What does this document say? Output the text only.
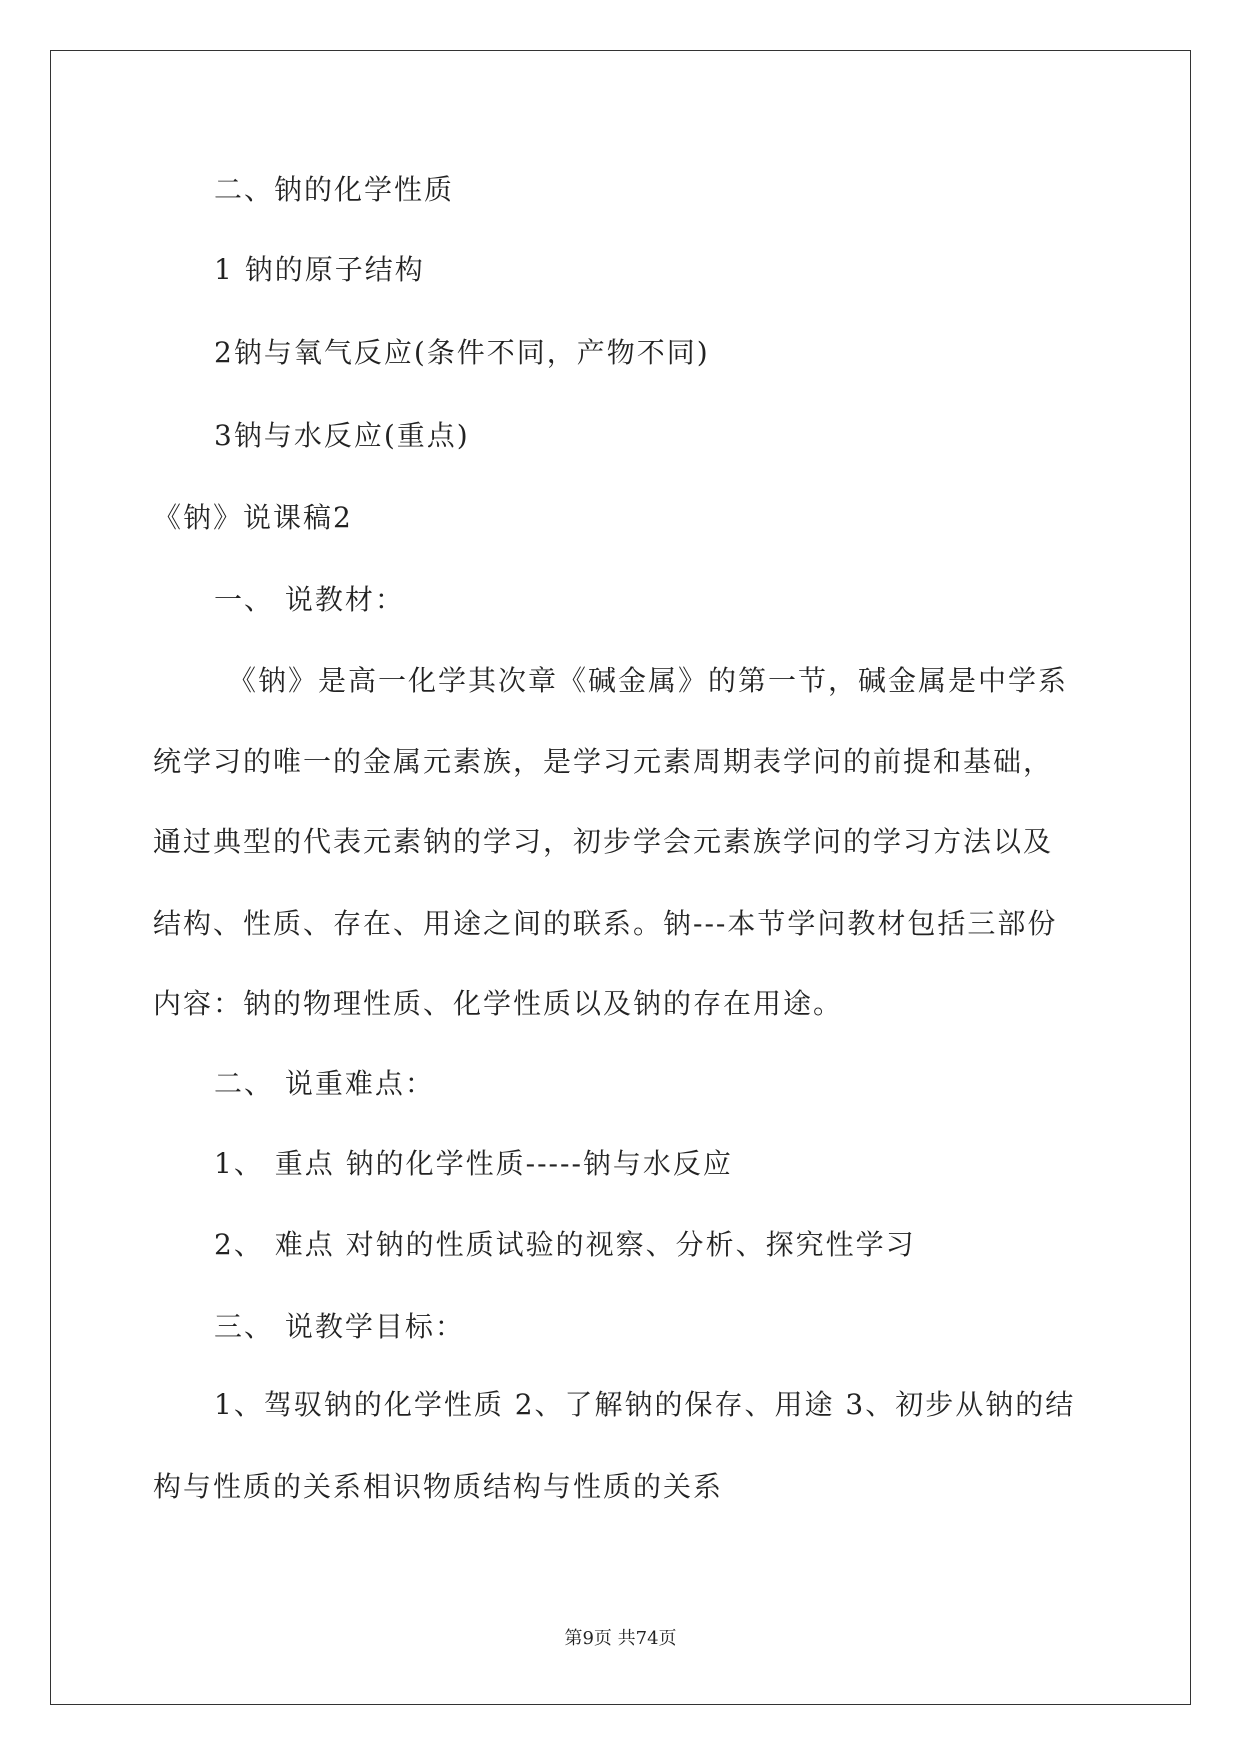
二、钠的化学性质
1 钠的原子结构
2钠与氧气反应(条件不同，产物不同)
3钠与水反应(重点)
《钠》说课稿2
一、 说教材：
《钠》是高一化学其次章《碱金属》的第一节，碱金属是中学系
统学习的唯一的金属元素族，是学习元素周期表学问的前提和基础，
通过典型的代表元素钠的学习，初步学会元素族学问的学习方法以及
结构、性质、存在、用途之间的联系。钠---本节学问教材包括三部份
内容：钠的物理性质、化学性质以及钠的存在用途。
二、 说重难点：
1、 重点 钠的化学性质-----钠与水反应
2、 难点 对钠的性质试验的视察、分析、探究性学习
三、 说教学目标：
1、驾驭钠的化学性质 2、了解钠的保存、用途 3、初步从钠的结
构与性质的关系相识物质结构与性质的关系
第9页 共74页
